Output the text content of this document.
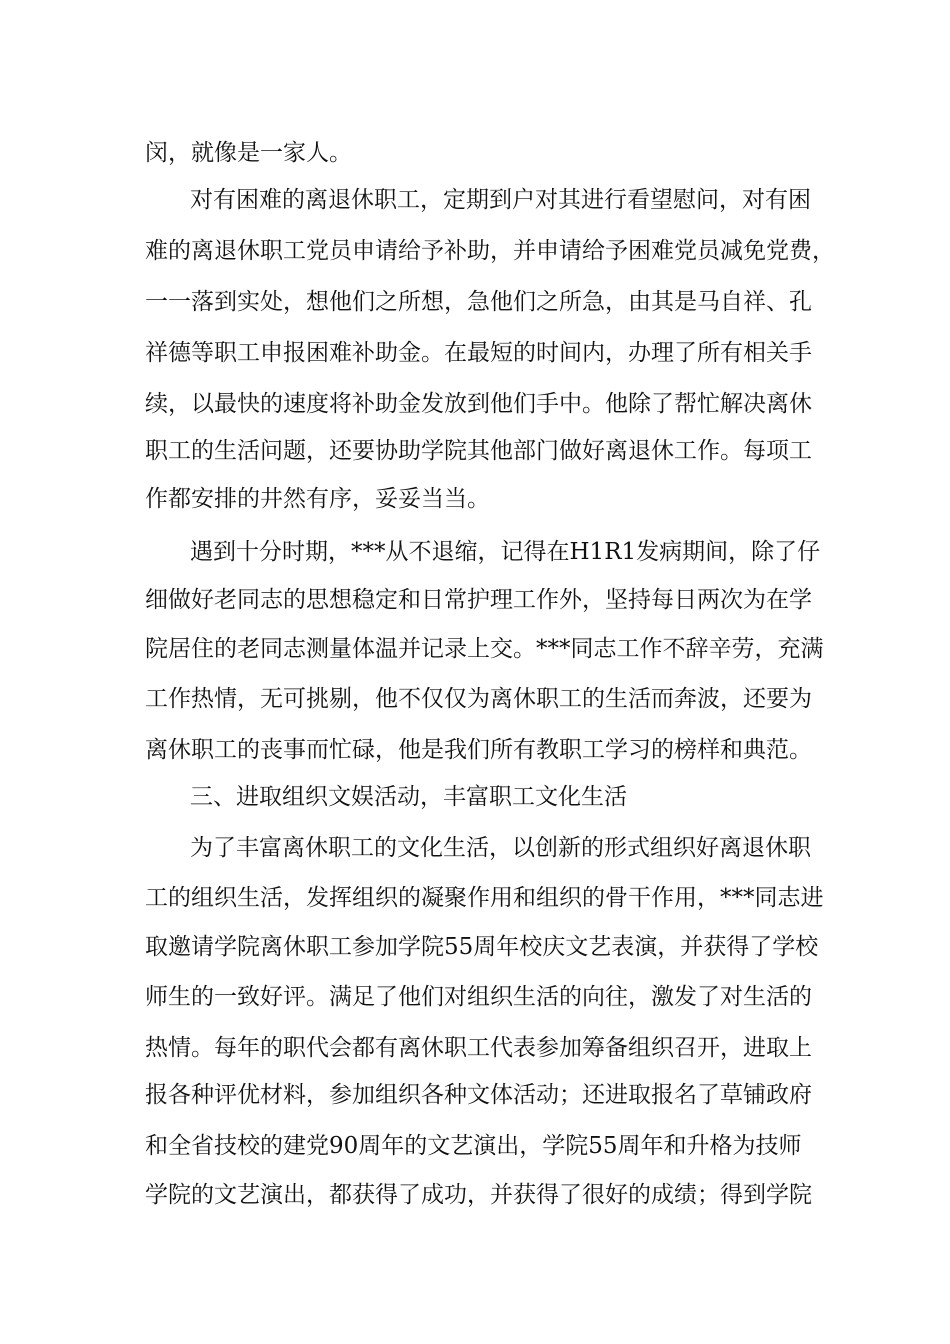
闵，就像是一家人。
对有困难的离退休职工，定期到户对其进行看望慰问，对有困
难的离退休职工党员申请给予补助，并申请给予困难党员减免党费，
一一落到实处，想他们之所想，急他们之所急，由其是马自祥、孔
祥德等职工申报困难补助金。在最短的时间内，办理了所有相关手
续，以最快的速度将补助金发放到他们手中。他除了帮忙解决离休
职工的生活问题，还要协助学院其他部门做好离退休工作。每项工
作都安排的井然有序，妥妥当当。
遇到十分时期，***从不退缩，记得在H1R1发病期间，除了仔
细做好老同志的思想稳定和日常护理工作外，坚持每日两次为在学
院居住的老同志测量体温并记录上交。***同志工作不辞辛劳，充满
工作热情，无可挑剔，他不仅仅为离休职工的生活而奔波，还要为
离休职工的丧事而忙碌，他是我们所有教职工学习的榜样和典范。
三、进取组织文娱活动，丰富职工文化生活
为了丰富离休职工的文化生活，以创新的形式组织好离退休职
工的组织生活，发挥组织的凝聚作用和组织的骨干作用，***同志进
取邀请学院离休职工参加学院55周年校庆文艺表演，并获得了学校
师生的一致好评。满足了他们对组织生活的向往，激发了对生活的
热情。每年的职代会都有离休职工代表参加筹备组织召开，进取上
报各种评优材料，参加组织各种文体活动；还进取报名了草铺政府
和全省技校的建党90周年的文艺演出，学院55周年和升格为技师
学院的文艺演出，都获得了成功，并获得了很好的成绩；得到学院
